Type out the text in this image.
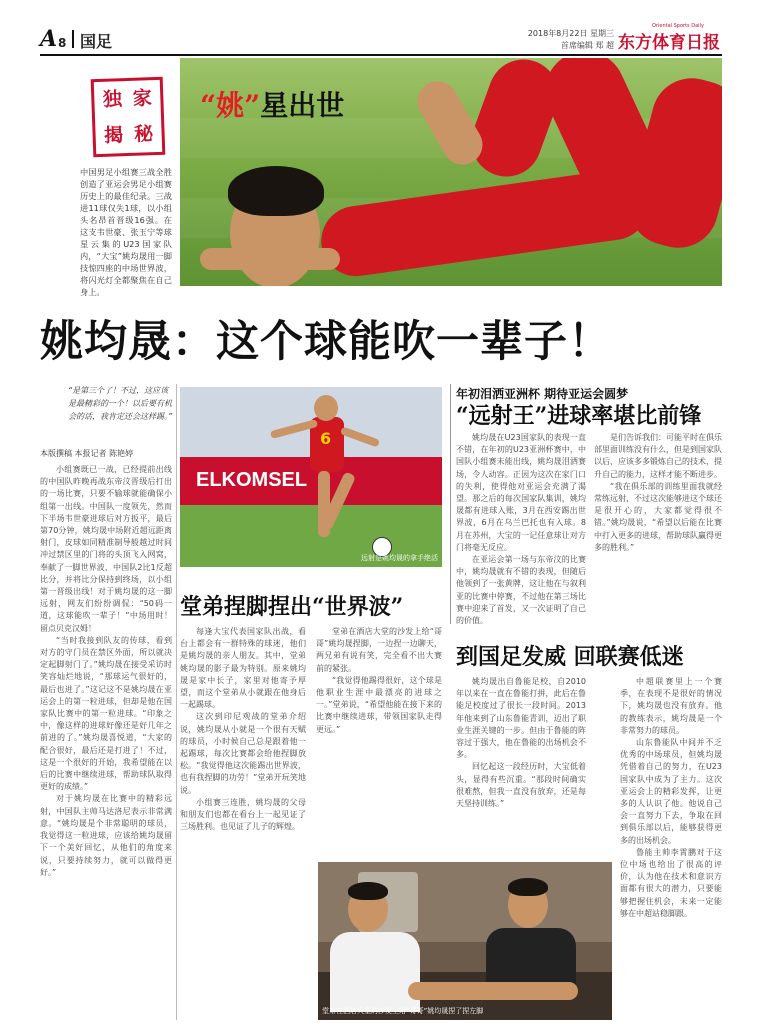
A 8 国足	2018年8月22日 星期三
首席编辑 郑 超
Oriental Sports Daily
东方体育日报
独 家
揭 秘
中国男足小组赛三战全胜创造了亚运会男足小组赛历史上的最佳纪录。三战进11球仅失1球，以小组头名昂首晋级16强。在这支韦世豪、张玉宁等球星云集的U23国家队内，“大宝”姚均晟用一脚技惊四座的中场世界波，将闪光灯全都聚焦在自己身上。
“姚”星出世
姚均晟：这个球能吹一辈子！
“是第三个了！不过，这应该是最精彩的一个！以后要有机会的话，我肯定还会这样踢。”
本版撰稿 本报记者 陈艳婷

小组赛既已一战，已经提前出线的中国队昨晚再战东帝汶晋级后打出的一场比赛，只要不输球就能确保小组第一出线。中国队一度领先，然而下半场韦世豪进球后对方扳平，最后第70分钟，姚均晟中场附近超远距离射门，皮球如同精准制导般越过时间冲过禁区里的门将的头顶飞入网窝，奉献了一脚世界波，中国队2比1反超比分，并将比分保持到终场，以小组第一晋级出线！对于姚均晟的这一脚远射，网友们纷纷调侃：“50码一道，这球能吹一辈子！”中场用时！留点贝克汉姆！

“当时我接到队友的传球，看到对方的守门员在禁区外面，所以就决定起脚射门了。”姚均晟在接受采访时笑容灿烂地说，“那球运气很好的，最后也进了。”这记这不是姚均晟在亚运会上的第一粒进球，但却是他在国家队比赛中的第一粒进球。“印象之中，像这样的进球好像还是好几年之前进的了。”姚均晟喜悦道，“大家的配合很好，最后还是打进了！不过，这是一个很好的开始，我希望能在以后的比赛中继续进球，帮助球队取得更好的成绩。”

对于姚均晟在比赛中的精彩远射，中国队主帅马达洛尼表示非常满意。“姚均晟是个非常聪明的球员，我觉得这一粒进球，应该给姚均晟留下一个美好回忆，从他们的角度来说，只要持续努力，就可以做得更好。”

ELKOMSEL
6
远射是姚均晟的拿手绝活
年初泪洒亚洲杯 期待亚运会圆梦
“远射王”进球率堪比前锋

姚均晟在U23国家队的表现一直不错，在年初的U23亚洲杯赛中，中国队小组赛未能出线，姚均晟泪洒赛场，令人动容。正因为这次在家门口的失利，使得他对亚运会充满了渴望。那之后的每次国家队集训，姚均晟都有进球入账，3月在西安踢出世界波，6月在乌兰巴托也有入球。8月在苏州，大宝的一记任意球让对方门将毫无反应。

在亚运会第一场与东帝汶的比赛中，姚均晟就有不错的表现，但随后他领到了一张黄牌，这让他在与叙利亚的比赛中停赛，不过他在第三场比赛中迎来了首发，又一次证明了自己的价值。

是们告诉我们：可能平时在俱乐部里面训练没有什么，但是到国家队以后，应该多多锻炼自己的技术，提升自己的能力，这样才能不断进步。

“我在俱乐部的训练里面我就经常练远射，不过这次能够进这个球还是很开心的，大家都觉得很不错。”姚均晟说，“希望以后能在比赛中打入更多的进球，帮助球队赢得更多的胜利。”

堂弟捏脚捏出“世界波”

每逢大宝代表国家队出战，看台上都会有一群特殊的球迷，他们是姚均晟的亲人朋友。其中，堂弟姚均晟的影子最为特别。原来姚均晟是家中长子，家里对他寄予厚望，而这个堂弟从小就跟在他身后一起踢球。

这次到印尼观战的堂弟介绍说，姚均晟从小就是一个很有天赋的球员，小时候自己总是跟着他一起踢球，每次比赛都会给他捏脚放松。“我觉得他这次能踢出世界波，也有我捏脚的功劳！”堂弟开玩笑地说。

小组赛三连胜，姚均晟的父母和朋友们也都在看台上一起见证了三场胜利。也见证了儿子的辉煌。

堂弟在酒店大堂的沙发上给“哥哥”姚均晟捏脚，一边捏一边聊天，两兄弟有说有笑，完全看不出大赛前的紧张。

“我觉得他踢得很好，这个球是他职业生涯中最漂亮的进球之一。”堂弟说，“希望他能在接下来的比赛中继续进球，带领国家队走得更远。”

到国足发威 回联赛低迷

姚均晟出自鲁能足校，自2010年以来在一直在鲁能打拼，此后在鲁能足校度过了很长一段时间。2013年他来到了山东鲁能青训，迈出了职业生涯关键的一步。但由于鲁能的阵容过于强大，他在鲁能的出场机会不多。

回忆起这一段经历时，大宝低着头，显得有些沉重。“那段时间确实很难熬，但我一直没有放弃，还是每天坚持训练。”

中超联赛里上一个赛季，在表现不是很好的情况下，姚均晟也没有放弃。他的教练表示，姚均晟是一个非常努力的球员。

山东鲁能队中间并不乏优秀的中场球员，但姚均晟凭借着自己的努力，在U23国家队中成为了主力。这次亚运会上的精彩发挥，让更多的人认识了他。他说自己会一直努力下去，争取在回到俱乐部以后，能够获得更多的出场机会。

鲁能主帅李霄鹏对于这位中场也给出了很高的评价，认为他在技术和意识方面都有很大的潜力，只要能够把握住机会，未来一定能够在中超站稳脚跟。

堂弟在酒店大堂的沙发上给“哥哥”姚均晟捏了捏左脚
